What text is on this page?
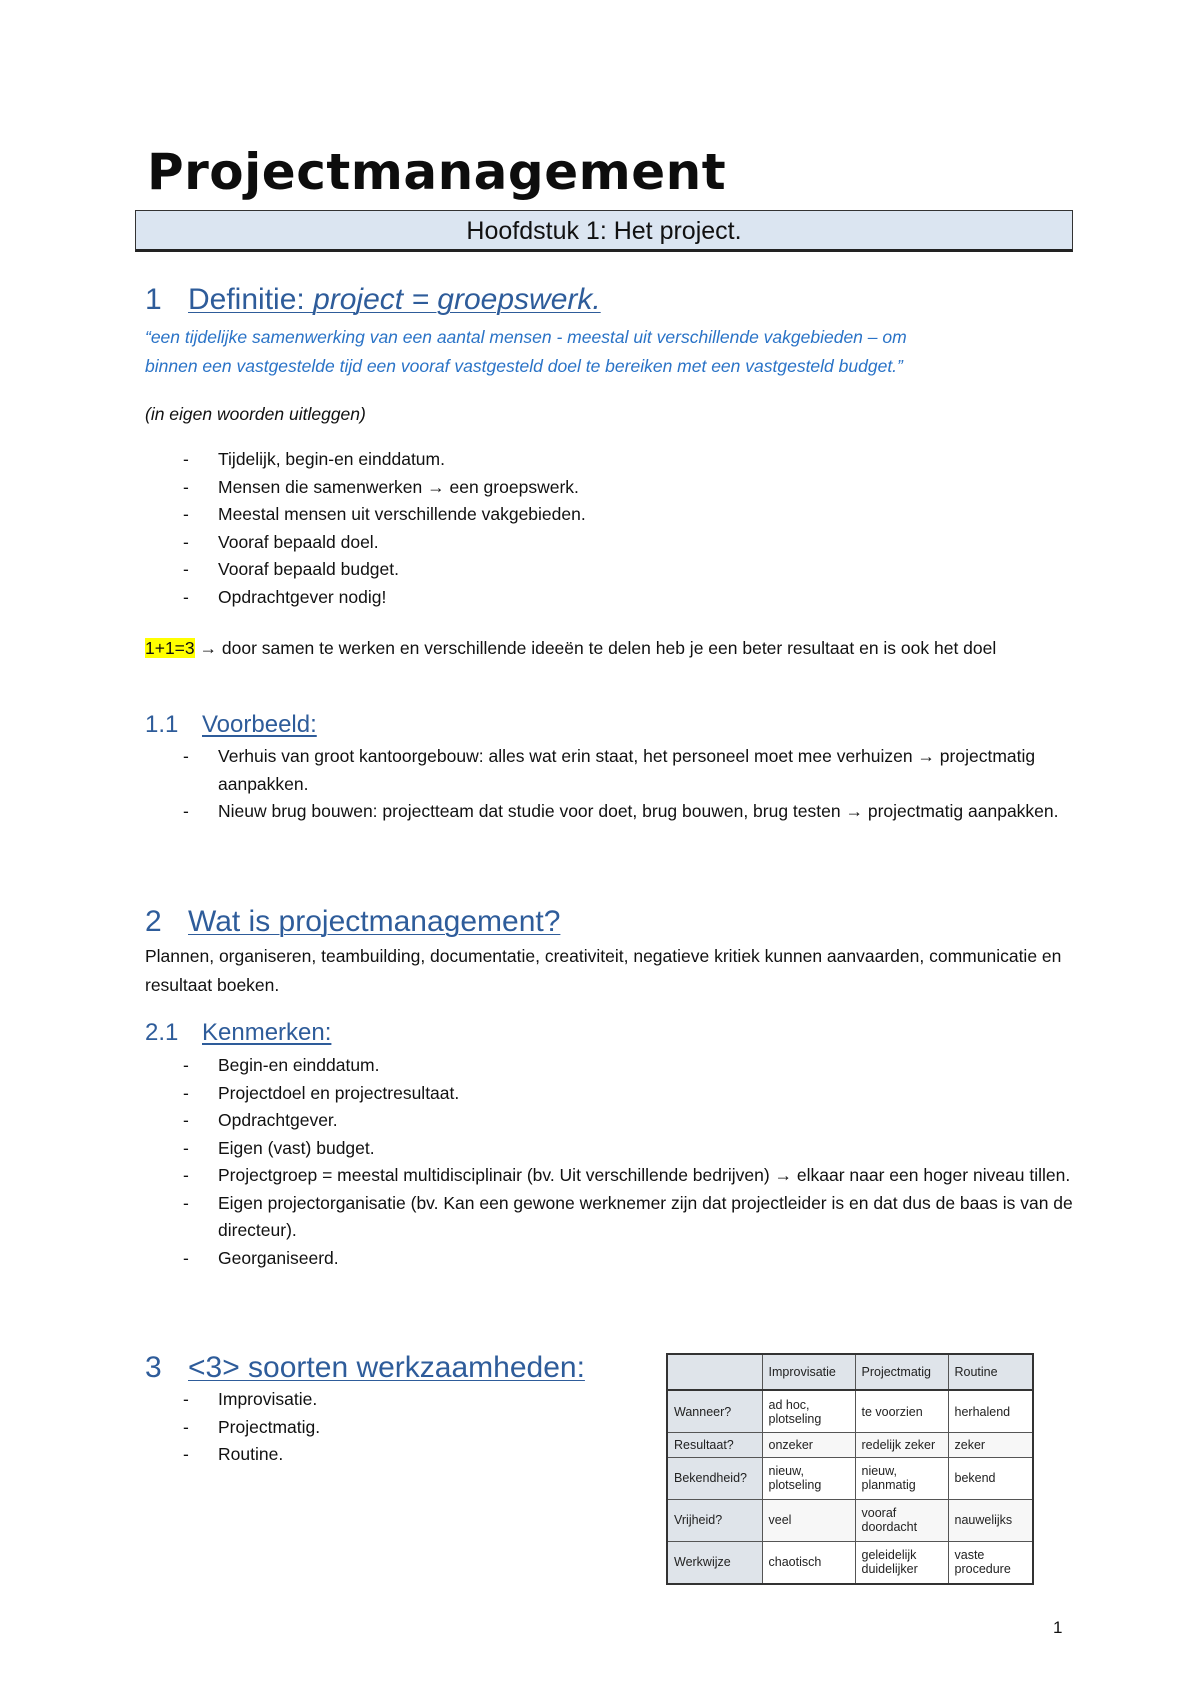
Projectmanagement
Hoofdstuk 1: Het project.
1 Definitie: project = groepswerk.

“een tijdelijke samenwerking van een aantal mensen - meestal uit verschillende vakgebieden – om
binnen een vastgestelde tijd een vooraf vastgesteld doel te bereiken met een vastgesteld budget.”

(in eigen woorden uitleggen)

- Tijdelijk, begin-en einddatum.
- Mensen die samenwerken → een groepswerk.
- Meestal mensen uit verschillende vakgebieden.
- Vooraf bepaald doel.
- Vooraf bepaald budget.
- Opdrachtgever nodig!

1+1=3 → door samen te werken en verschillende ideeën te delen heb je een beter resultaat en is ook het doel

1.1 Voorbeeld:
- Verhuis van groot kantoorgebouw: alles wat erin staat, het personeel moet mee verhuizen → projectmatig aanpakken.
- Nieuw brug bouwen: projectteam dat studie voor doet, brug bouwen, brug testen → projectmatig aanpakken.
2 Wat is projectmanagement?

Plannen, organiseren, teambuilding, documentatie, creativiteit, negatieve kritiek kunnen aanvaarden, communicatie en resultaat boeken.

2.1 Kenmerken:
- Begin-en einddatum.
- Projectdoel en projectresultaat.
- Opdrachtgever.
- Eigen (vast) budget.
- Projectgroep = meestal multidisciplinair (bv. Uit verschillende bedrijven) → elkaar naar een hoger niveau tillen.
- Eigen projectorganisatie (bv. Kan een gewone werknemer zijn dat projectleider is en dat dus de baas is van de directeur).
- Georganiseerd.
3 <3> soorten werkzaamheden:
- Improvisatie.
- Projectmatig.
- Routine.
	Improvisatie	Projectmatig	Routine
Wanneer?	ad hoc, plotseling	te voorzien	herhalend
Resultaat?	onzeker	redelijk zeker	zeker
Bekendheid?	nieuw, plotseling	nieuw, planmatig	bekend
Vrijheid?	veel	vooraf doordacht	nauwelijks
Werkwijze	chaotisch	geleidelijk duidelijker	vaste procedure
1
